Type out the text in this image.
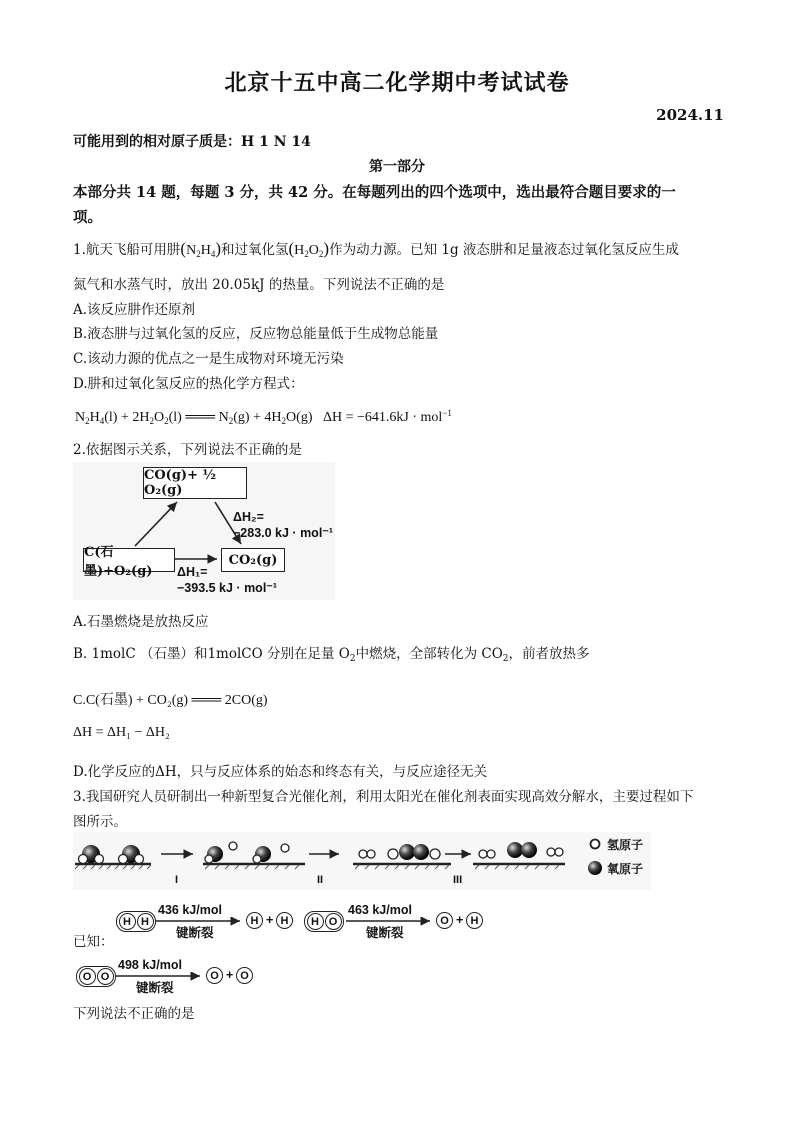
北京十五中高二化学期中考试试卷
2024.11
可能用到的相对原子质是：H 1 N 14
第一部分
本部分共 14 题，每题 3 分，共 42 分。在每题列出的四个选项中，选出最符合题目要求的一
项。
1.航天飞船可用肼$(N_2H_4)$和过氧化氢$(H_2O_2)$作为动力源。已知 1g 液态肼和足量液态过氧化氢反应生成
氮气和水蒸气时，放出 20.05kJ 的热量。下列说法不正确的是
A.该反应肼作还原剂
B.液态肼与过氧化氢的反应，反应物总能量低于生成物总能量
C.该动力源的优点之一是生成物对环境无污染
D.肼和过氧化氢反应的热化学方程式：
$N_2H_4(l) + 2H_2O_2(l)$ ═══ $N_2(g) + 4H_2O(g) \Delta H = -641.6kJ \cdot mol^{-1}$
2.依据图示关系，下列说法不正确的是
CO(g)+ ½ O₂(g)
C(石墨)+O₂(g)
CO₂(g)
ΔH₂=
−283.0 kJ · mol⁻¹
ΔH₁=
−393.5 kJ · mol⁻¹
A.石墨燃烧是放热反应
B. 1molC （石墨）和1molCO 分别在足量 $O_2$中燃烧，全部转化为 $CO_2$，前者放热多
C.C(石墨) + CO₂(g) ═══ 2CO(g)
ΔH = ΔH₁ − ΔH₂
D.化学反应的ΔH，只与反应体系的始态和终态有关，与反应途径无关
3.我国研究人员研制出一种新型复合光催化剂，利用太阳光在催化剂表面实现高效分解水，主要过程如下
图所示。
I	II	III
氢原子
氧原子
已知：
H H
436 kJ/mol
键断裂
H + H	H O
463 kJ/mol
键断裂
O + H
O O
498 kJ/mol
键断裂
O + O
下列说法不正确的是
